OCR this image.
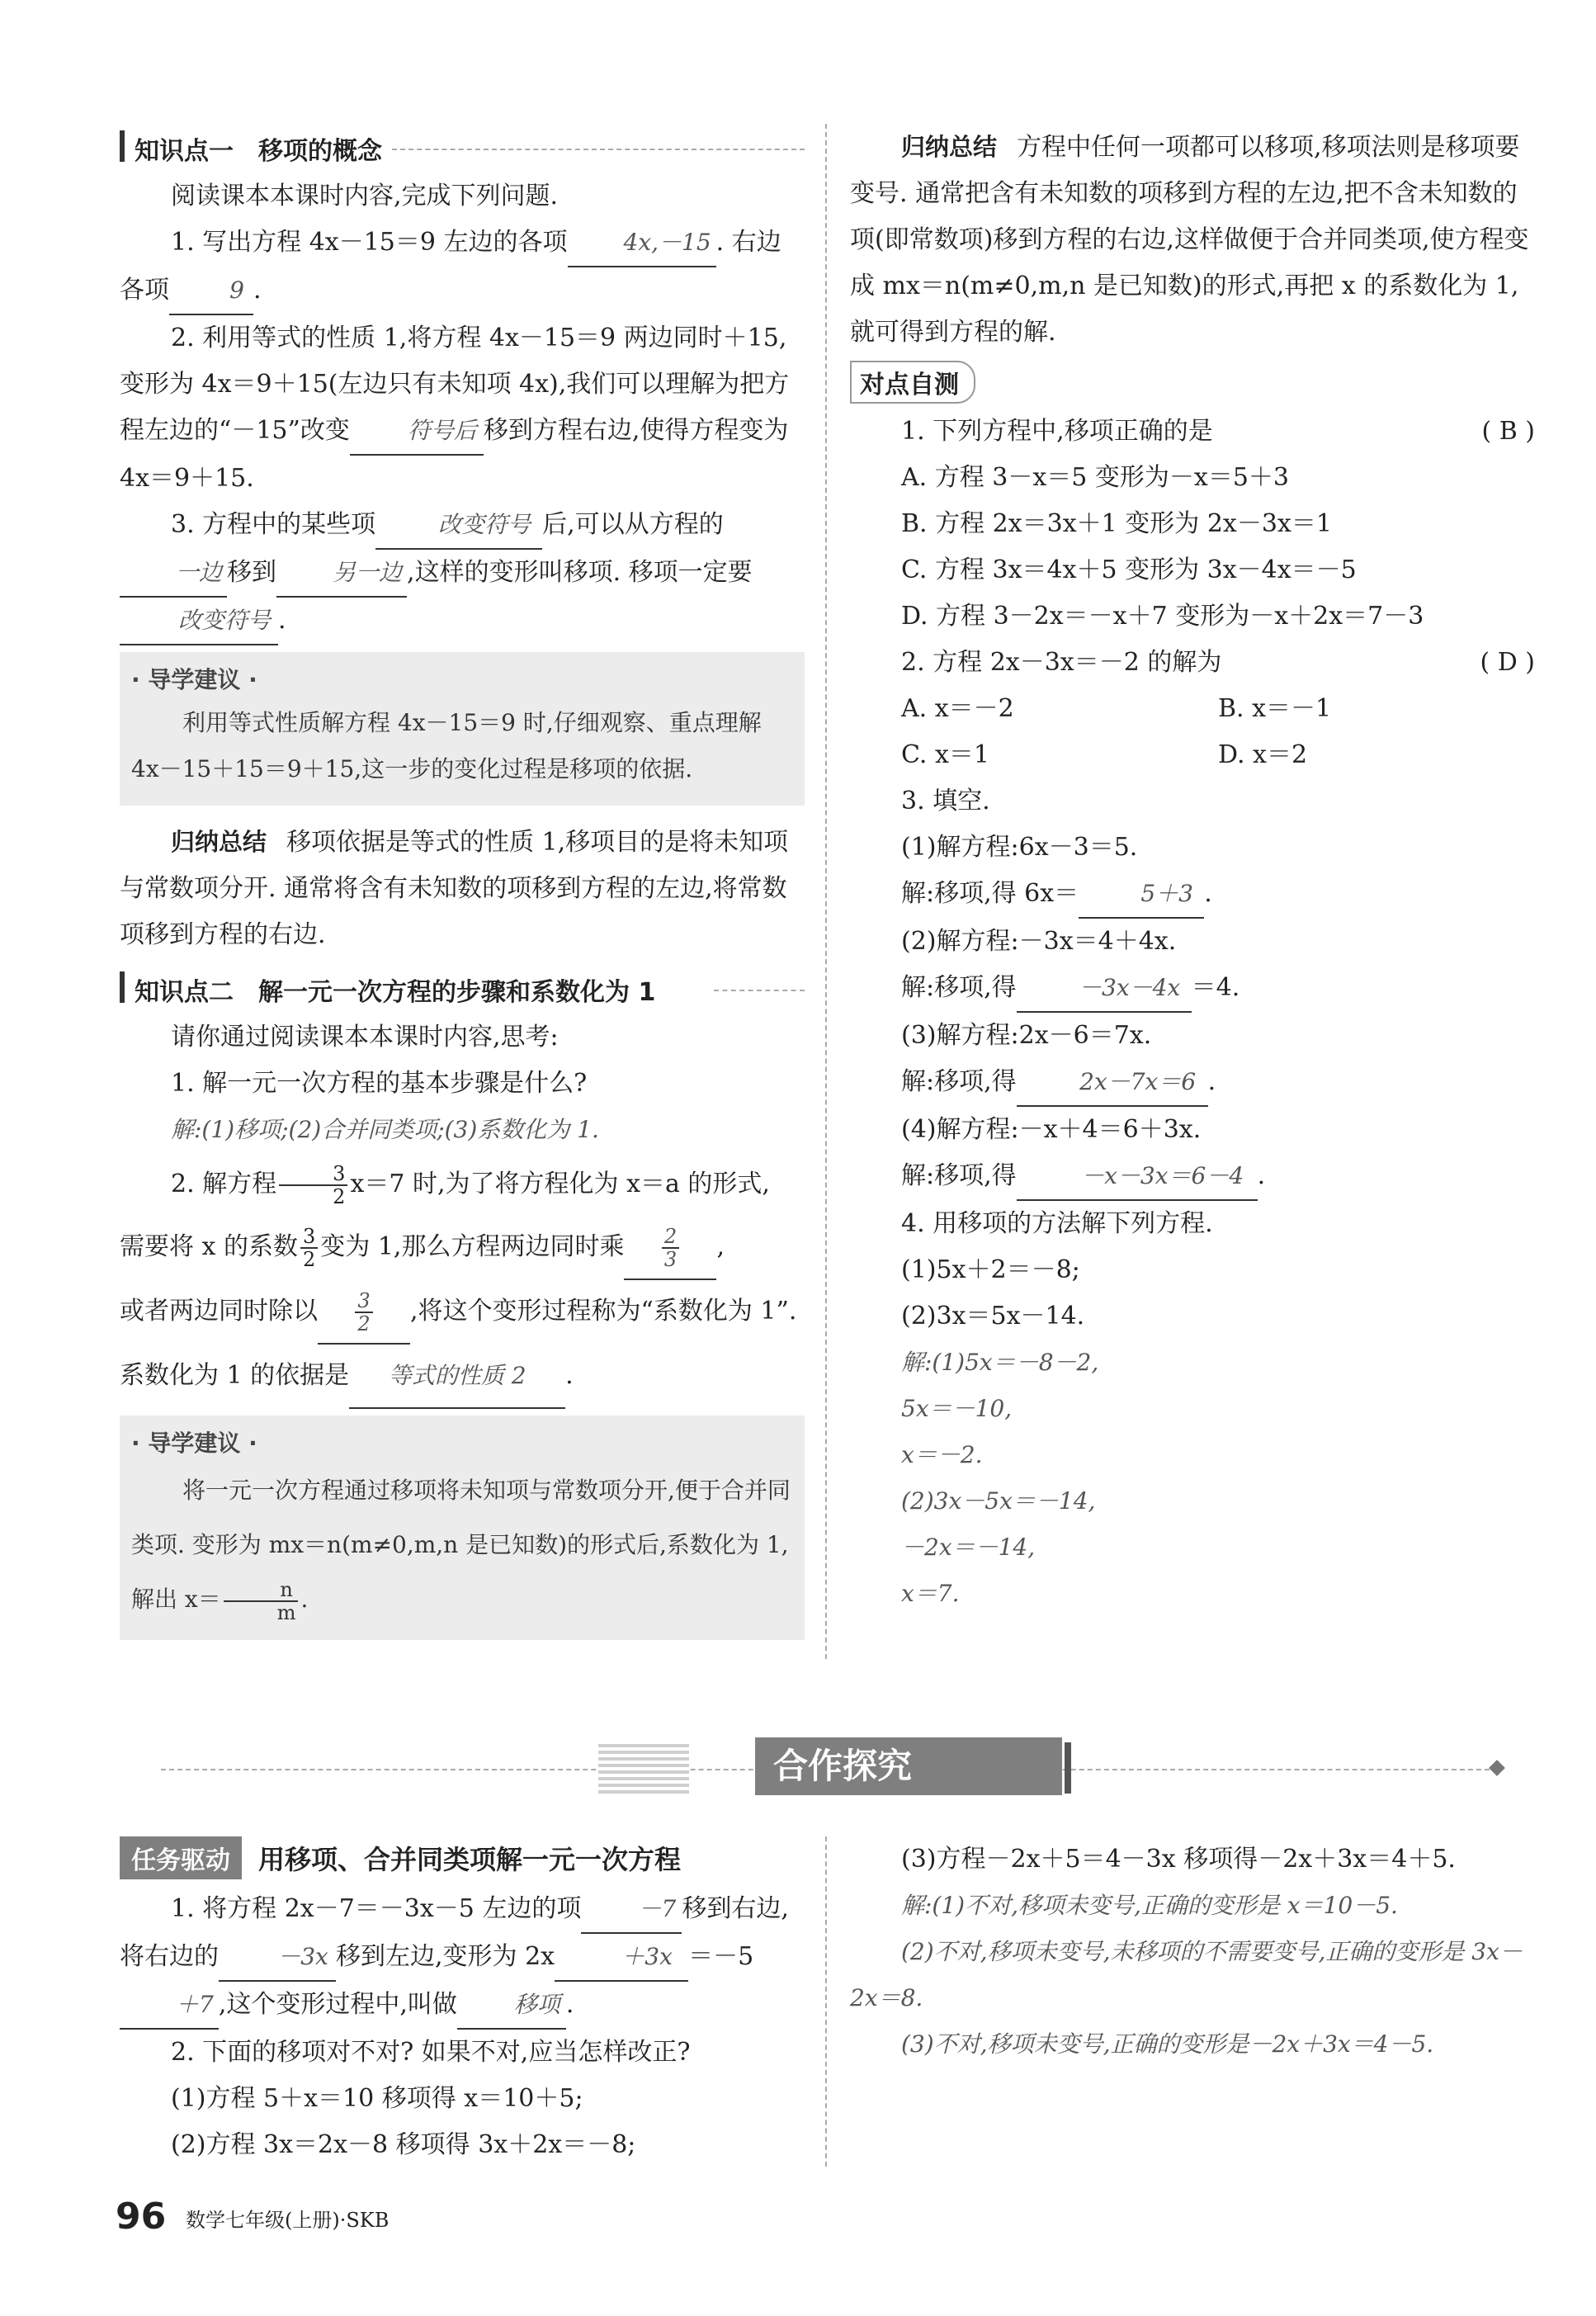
知识点一　移项的概念

阅读课本本课时内容,完成下列问题.

1. 写出方程 4x－15＝9 左边的各项 4x,－15 . 右边各项	9 .

2. 利用等式的性质 1,将方程 4x－15＝9 两边同时＋15,变形为 4x＝9＋15(左边只有未知项 4x),我们可以理解为把方程左边的“－15”改变 符号后 移到方程右边,使得方程变为 4x＝9＋15.

3. 方程中的某些项	改变符号 后,可以从方程的一边 移到 另一边 ,这样的变形叫移项. 移项一定要改变符号 .

· 导学建议 ·

利用等式性质解方程 4x－15＝9 时,仔细观察、重点理解 4x－15＋15＝9＋15,这一步的变化过程是移项的依据.

归纳总结 移项依据是等式的性质 1,移项目的是将未知项与常数项分开. 通常将含有未知数的项移到方程的左边,将常数项移到方程的右边.

知识点二　解一元一次方程的步骤和系数化为 1

请你通过阅读课本本课时内容,思考:

1. 解一元一次方程的基本步骤是什么?

解:(1)移项;(2)合并同类项;(3)系数化为 1.

2. 解方程 $\frac{3}{2} x=7$ 时,为了将方程化为 x＝a 的形式,

需要将 x 的系数 $\frac{3}{2}$ 变为 1,那么方程两边同时乘 $\frac{2}{3}$ ,

或者两边同时除以 $\frac{3}{2}$ ,将这个变形过程称为“系数化为 1”. 系数化为 1 的依据是 等式的性质 2 .

· 导学建议 ·

将一元一次方程通过移项将未知项与常数项分开,便于合并同类项. 变形为 mx＝n(m≠0,m,n 是已知数)的形式后,系数化为 1,解出 $x= \frac{n}{m}$ .

归纳总结 方程中任何一项都可以移项,移项法则是移项要变号. 通常把含有未知数的项移到方程的左边,把不含未知数的项(即常数项)移到方程的右边,这样做便于合并同类项,使方程变成 mx＝n(m≠0,m,n 是已知数)的形式,再把 x 的系数化为 1,就可得到方程的解.

对点自测

1. 下列方程中,移项正确的是	( B )

A. 方程 3－x＝5 变形为－x＝5＋3

B. 方程 2x＝3x＋1 变形为 2x－3x＝1

C. 方程 3x＝4x＋5 变形为 3x－4x＝－5

D. 方程 3－2x＝－x＋7 变形为－x＋2x＝7－3

2. 方程 2x－3x＝－2 的解为	( D )

A. x＝－2	B. x＝－1
C. x＝1	D. x＝2

3. 填空.

(1)解方程:6x－3＝5.

解:移项,得 6x＝	5＋3 .

(2)解方程:－3x＝4＋4x.

解:移项,得	－3x－4x ＝4.

(3)解方程:2x－6＝7x.

解:移项,得	2x－7x＝6 .

(4)解方程:－x＋4＝6＋3x.

解:移项,得	－x－3x＝6－4 .

4. 用移项的方法解下列方程.

(1)5x＋2＝－8;

(2)3x＝5x－14.

解:(1)5x＝－8－2,

5x＝－10,

x＝－2.

(2)3x－5x＝－14,

－2x＝－14,

x＝7.

合作探究
任务驱动 用移项、合并同类项解一元一次方程

1. 将方程 2x－7＝－3x－5 左边的项 －7 移到右边,将右边的	－3x 移到左边,变形为 2x	＋3x ＝－5＋7 ,这个变形过程中,叫做 移项 .

2. 下面的移项对不对? 如果不对,应当怎样改正?

(1)方程 5＋x＝10 移项得 x＝10＋5;

(2)方程 3x＝2x－8 移项得 3x＋2x＝－8;

(3)方程－2x＋5＝4－3x 移项得－2x＋3x＝4＋5.

解:(1)不对,移项未变号,正确的变形是 x＝10－5.

(2)不对,移项未变号,未移项的不需要变号,正确的变形是 3x－2x＝8.

(3)不对,移项未变号,正确的变形是－2x＋3x＝4－5.

96 数学七年级(上册)·SKB
